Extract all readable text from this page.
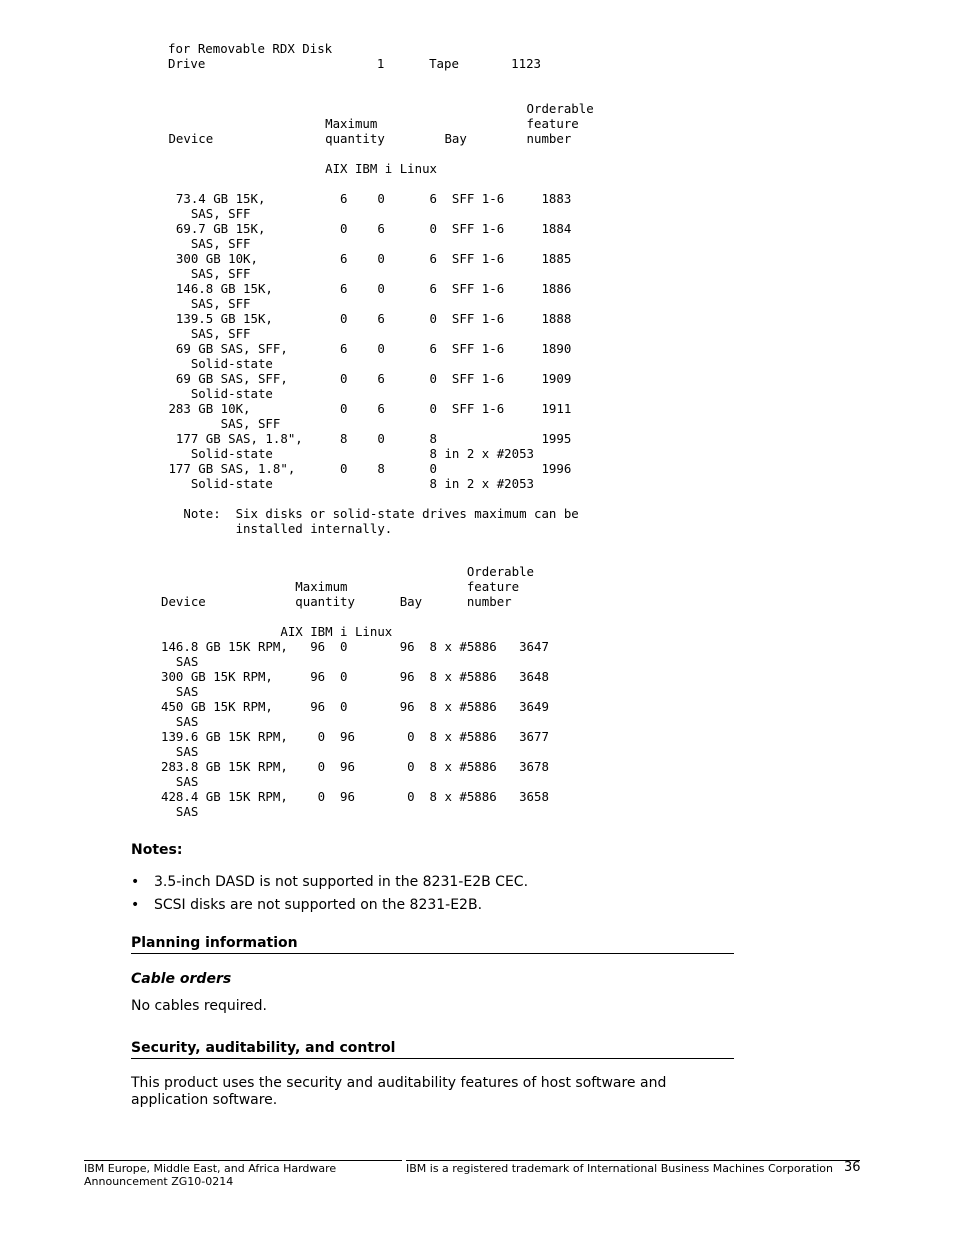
for Removable RDX Disk
Drive                       1      Tape       1123
Orderable
Maximum                    feature
Device               quantity        Bay        number

AIX IBM i Linux

73.4 GB 15K,          6    0      6  SFF 1-6     1883
SAS, SFF
69.7 GB 15K,          0    6      0  SFF 1-6     1884
SAS, SFF
300 GB 10K,           6    0      6  SFF 1-6     1885
SAS, SFF
146.8 GB 15K,         6    0      6  SFF 1-6     1886
SAS, SFF
139.5 GB 15K,         0    6      0  SFF 1-6     1888
SAS, SFF
69 GB SAS, SFF,       6    0      6  SFF 1-6     1890
Solid-state
69 GB SAS, SFF,       0    6      0  SFF 1-6     1909
Solid-state
283 GB 10K,            0    6      0  SFF 1-6     1911
SAS, SFF
177 GB SAS, 1.8",     8    0      8              1995
Solid-state                     8 in 2 x #2053
177 GB SAS, 1.8",      0    8      0              1996
Solid-state                     8 in 2 x #2053

Note:  Six disks or solid-state drives maximum can be
installed internally.
Orderable
Maximum                feature
Device            quantity      Bay      number

AIX IBM i Linux
146.8 GB 15K RPM,   96  0       96  8 x #5886   3647
SAS
300 GB 15K RPM,     96  0       96  8 x #5886   3648
SAS
450 GB 15K RPM,     96  0       96  8 x #5886   3649
SAS
139.6 GB 15K RPM,    0  96       0  8 x #5886   3677
SAS
283.8 GB 15K RPM,    0  96       0  8 x #5886   3678
SAS
428.4 GB 15K RPM,    0  96       0  8 x #5886   3658
SAS

Notes:

• 3.5-inch DASD is not supported in the 8231-E2B CEC.
• SCSI disks are not supported on the 8231-E2B.
Planning information
Cable orders

No cables required.

Security, auditability, and control

This product uses the security and auditability features of host software and application software.

IBM Europe, Middle East, and Africa Hardware Announcement ZG10-0214

IBM is a registered trademark of International Business Machines Corporation 36
